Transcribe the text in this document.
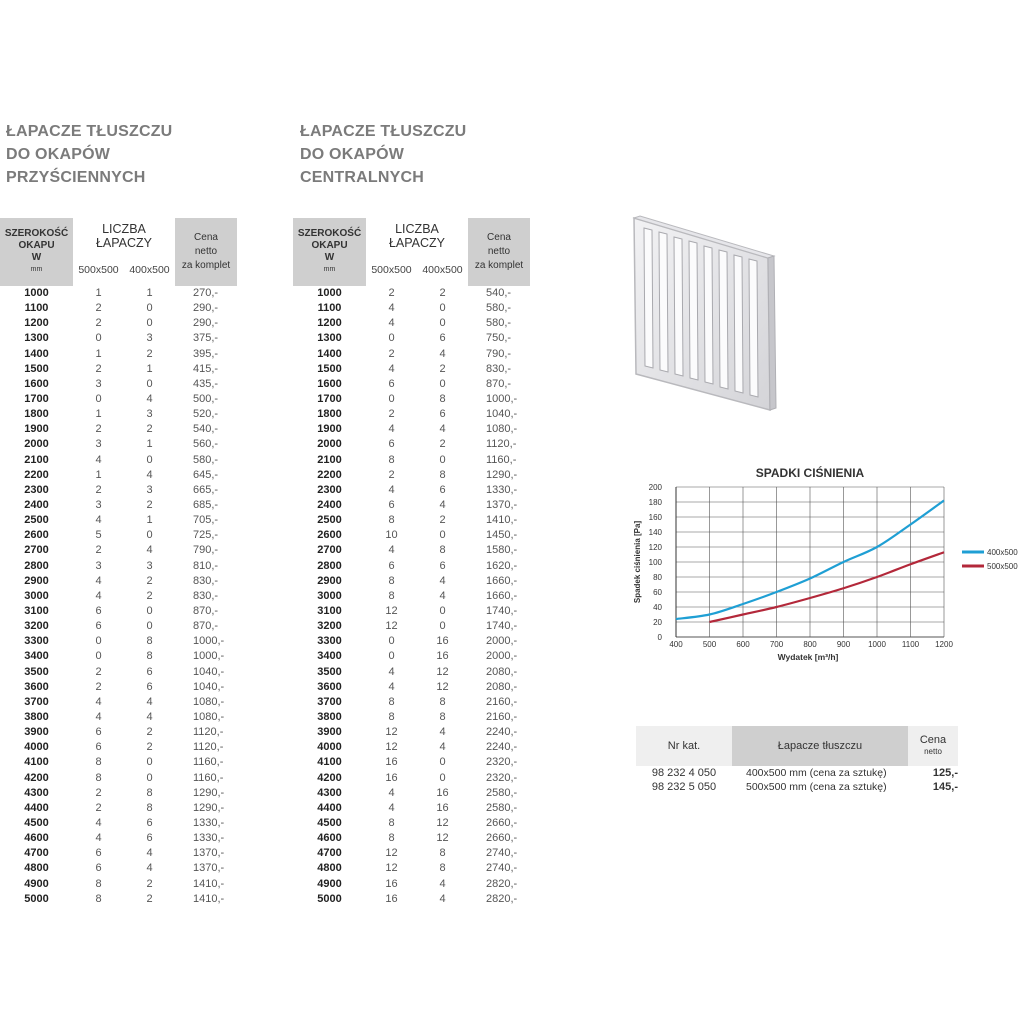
ŁAPACZE TŁUSZCZU
DO OKAPÓW
PRZYŚCIENNYCH
SZEROKOŚĆ
OKAPU
W
mm	LICZBA ŁAPACZY		Cena
netto
za komplet
	500x500	400x500	
1000	1	1	270,-
1100	2	0	290,-
1200	2	0	290,-
1300	0	3	375,-
1400	1	2	395,-
1500	2	1	415,-
1600	3	0	435,-
1700	0	4	500,-
1800	1	3	520,-
1900	2	2	540,-
2000	3	1	560,-
2100	4	0	580,-
2200	1	4	645,-
2300	2	3	665,-
2400	3	2	685,-
2500	4	1	705,-
2600	5	0	725,-
2700	2	4	790,-
2800	3	3	810,-
2900	4	2	830,-
3000	4	2	830,-
3100	6	0	870,-
3200	6	0	870,-
3300	0	8	1000,-
3400	0	8	1000,-
3500	2	6	1040,-
3600	2	6	1040,-
3700	4	4	1080,-
3800	4	4	1080,-
3900	6	2	1120,-
4000	6	2	1120,-
4100	8	0	1160,-
4200	8	0	1160,-
4300	2	8	1290,-
4400	2	8	1290,-
4500	4	6	1330,-
4600	4	6	1330,-
4700	6	4	1370,-
4800	6	4	1370,-
4900	8	2	1410,-
5000	8	2	1410,-
ŁAPACZE TŁUSZCZU
DO OKAPÓW
CENTRALNYCH
SZEROKOŚĆ
OKAPU
W
mm	LICZBA ŁAPACZY		Cena
netto
za komplet
	500x500	400x500	
1000	2	2	540,-
1100	4	0	580,-
1200	4	0	580,-
1300	0	6	750,-
1400	2	4	790,-
1500	4	2	830,-
1600	6	0	870,-
1700	0	8	1000,-
1800	2	6	1040,-
1900	4	4	1080,-
2000	6	2	1120,-
2100	8	0	1160,-
2200	2	8	1290,-
2300	4	6	1330,-
2400	6	4	1370,-
2500	8	2	1410,-
2600	10	0	1450,-
2700	4	8	1580,-
2800	6	6	1620,-
2900	8	4	1660,-
3000	8	4	1660,-
3100	12	0	1740,-
3200	12	0	1740,-
3300	0	16	2000,-
3400	0	16	2000,-
3500	4	12	2080,-
3600	4	12	2080,-
3700	8	8	2160,-
3800	8	8	2160,-
3900	12	4	2240,-
4000	12	4	2240,-
4100	16	0	2320,-
4200	16	0	2320,-
4300	4	16	2580,-
4400	4	16	2580,-
4500	8	12	2660,-
4600	8	12	2660,-
4700	12	8	2740,-
4800	12	8	2740,-
4900	16	4	2820,-
5000	16	4	2820,-
SPADKI CIŚNIENIA
0
20
40
60
80
100
120
140
160
180
200
400	500	600	700	800	900 1000 1100 1200
400x500
500x500
Spadek ciśnienia [Pa]
Wydatek [m³/h]
Nr kat.	Łapacze tłuszczu	Cena
netto

98 232 4 050	400x500 mm (cena za sztukę)	125,-
98 232 5 050	500x500 mm (cena za sztukę)	145,-
